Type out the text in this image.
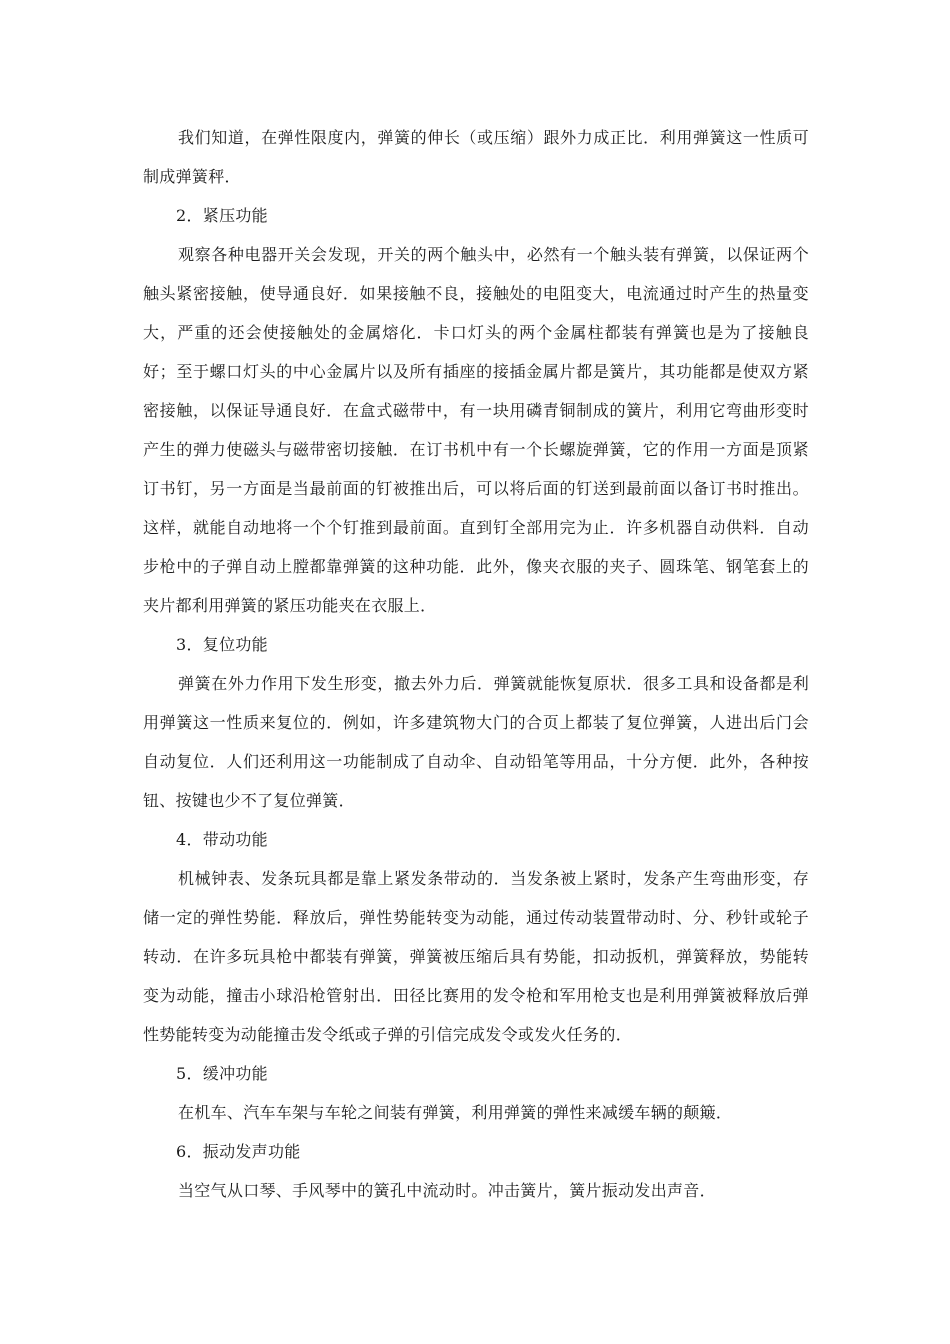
我们知道，在弹性限度内，弹簧的伸长（或压缩）跟外力成正比．利用弹簧这一性质可制成弹簧秤．

2．紧压功能

观察各种电器开关会发现，开关的两个触头中，必然有一个触头装有弹簧，以保证两个触头紧密接触，使导通良好．如果接触不良，接触处的电阻变大，电流通过时产生的热量变大，严重的还会使接触处的金属熔化．卡口灯头的两个金属柱都装有弹簧也是为了接触良好；至于螺口灯头的中心金属片以及所有插座的接插金属片都是簧片，其功能都是使双方紧密接触，以保证导通良好．在盒式磁带中，有一块用磷青铜制成的簧片，利用它弯曲形变时产生的弹力使磁头与磁带密切接触．在订书机中有一个长螺旋弹簧，它的作用一方面是顶紧订书钉，另一方面是当最前面的钉被推出后，可以将后面的钉送到最前面以备订书时推出。这样，就能自动地将一个个钉推到最前面。直到钉全部用完为止．许多机器自动供料．自动步枪中的子弹自动上膛都靠弹簧的这种功能．此外，像夹衣服的夹子、圆珠笔、钢笔套上的夹片都利用弹簧的紧压功能夹在衣服上．

3．复位功能

弹簧在外力作用下发生形变，撤去外力后．弹簧就能恢复原状．很多工具和设备都是利用弹簧这一性质来复位的．例如，许多建筑物大门的合页上都装了复位弹簧，人进出后门会自动复位．人们还利用这一功能制成了自动伞、自动铅笔等用品，十分方便．此外，各种按钮、按键也少不了复位弹簧．

4．带动功能

机械钟表、发条玩具都是靠上紧发条带动的．当发条被上紧时，发条产生弯曲形变，存储一定的弹性势能．释放后，弹性势能转变为动能，通过传动装置带动时、分、秒针或轮子转动．在许多玩具枪中都装有弹簧，弹簧被压缩后具有势能，扣动扳机，弹簧释放，势能转变为动能，撞击小球沿枪管射出．田径比赛用的发令枪和军用枪支也是利用弹簧被释放后弹性势能转变为动能撞击发令纸或子弹的引信完成发令或发火任务的．

5．缓冲功能

在机车、汽车车架与车轮之间装有弹簧，利用弹簧的弹性来减缓车辆的颠簸．

6．振动发声功能

当空气从口琴、手风琴中的簧孔中流动时。冲击簧片，簧片振动发出声音．
